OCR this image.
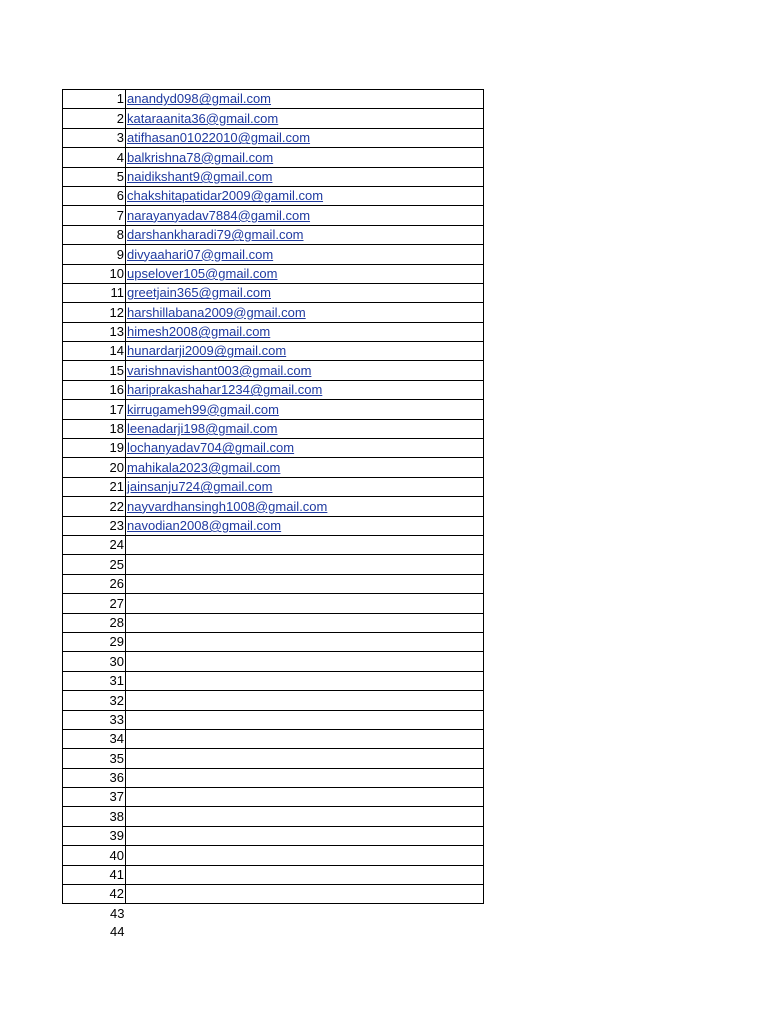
1	anandyd098@gmail.com
2	kataraanita36@gmail.com
3	atifhasan01022010@gmail.com
4	balkrishna78@gmail.com
5	naidikshant9@gmail.com
6	chakshitapatidar2009@gamil.com
7	narayanyadav7884@gamil.com
8	darshankharadi79@gmail.com
9	divyaahari07@gmail.com
10	upselover105@gmail.com
11	greetjain365@gmail.com
12	harshillabana2009@gmail.com
13	himesh2008@gmail.com
14	hunardarji2009@gmail.com
15	varishnavishant003@gmail.com
16	hariprakashahar1234@gmail.com
17	kirrugameh99@gmail.com
18	leenadarji198@gmail.com
19	lochanyadav704@gmail.com
20	mahikala2023@gmail.com
21	jainsanju724@gmail.com
22	nayvardhansingh1008@gmail.com
23	navodian2008@gmail.com
24	
25	
26	
27	
28	
29	
30	
31	
32	
33	
34	
35	
36	
37	
38	
39	
40	
41	
42	
43	
44	
